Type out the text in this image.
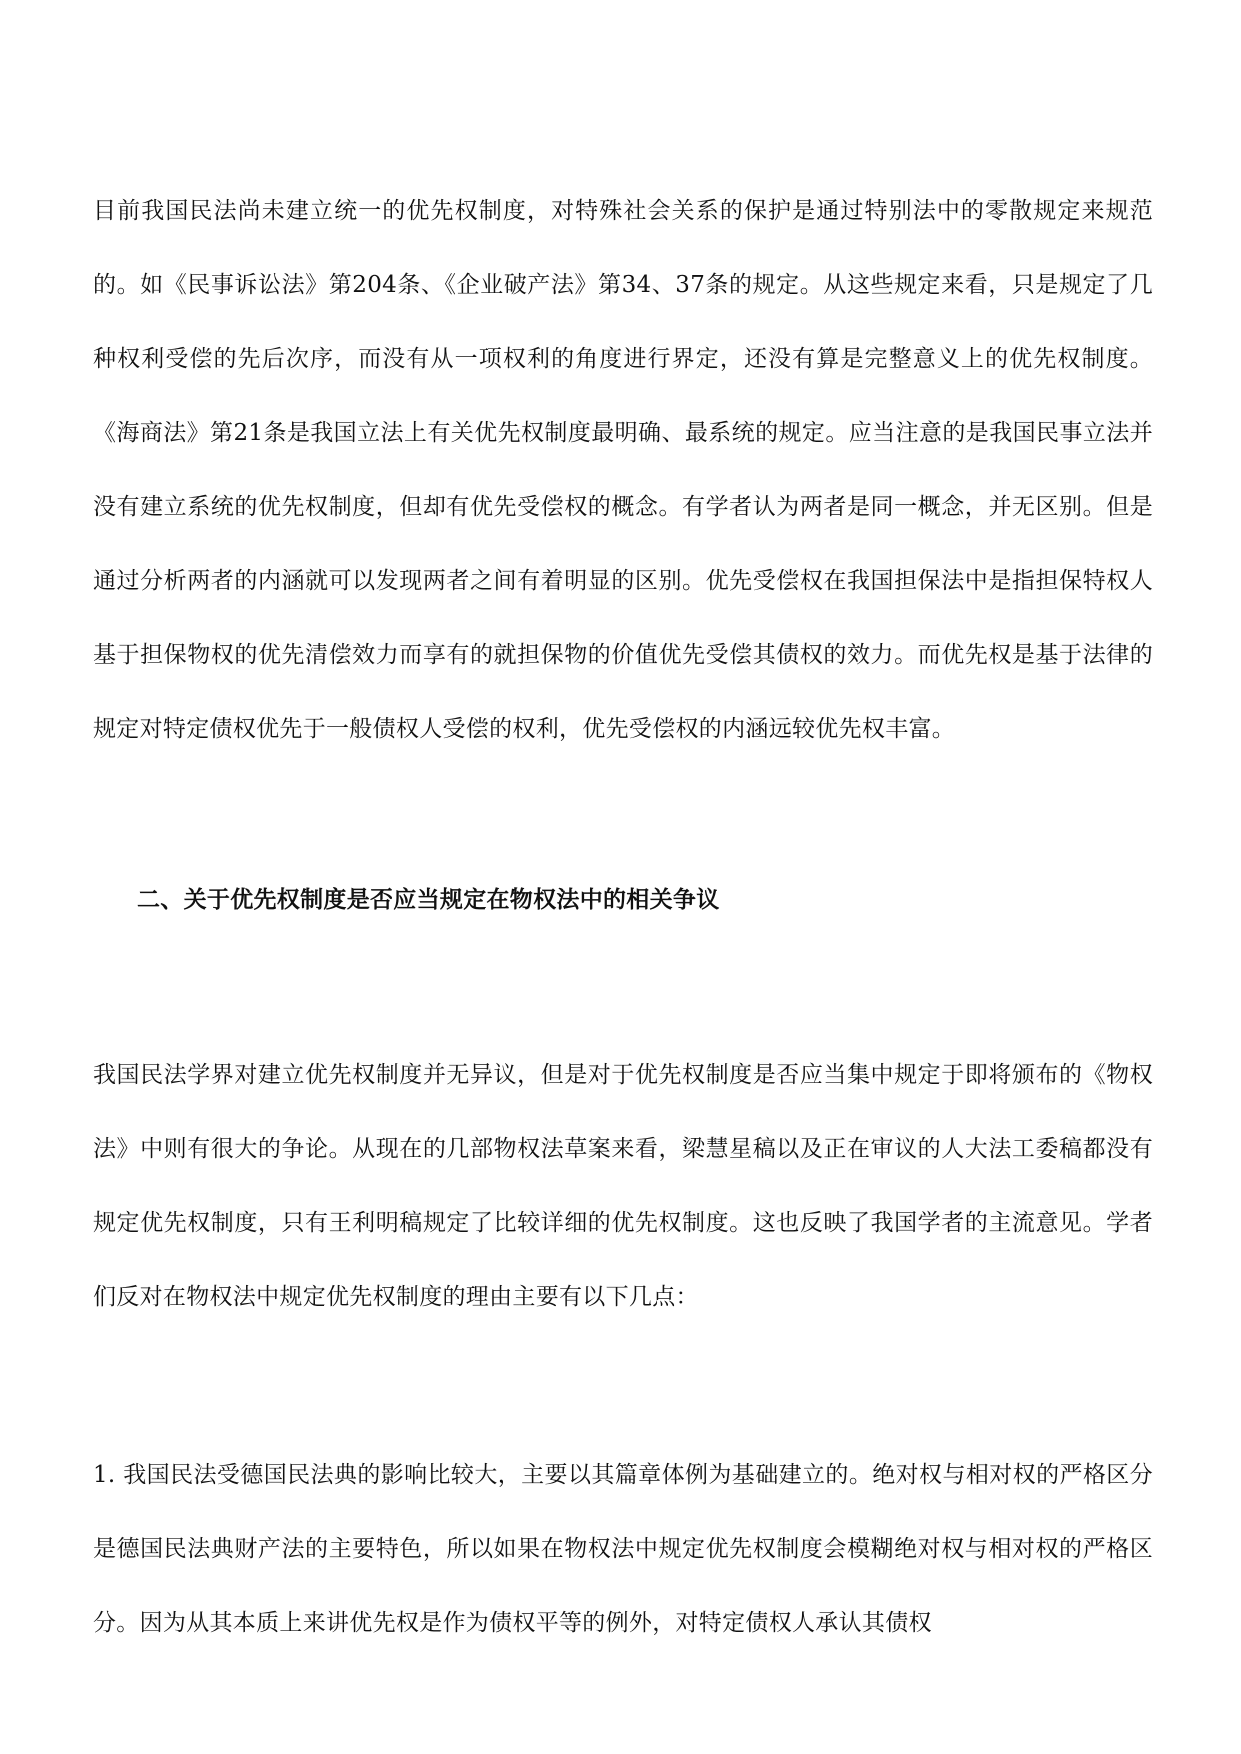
目前我国民法尚未建立统一的优先权制度，对特殊社会关系的保护是通过特别法中的零散规定来规范的。如《民事诉讼法》第204条、《企业破产法》第34、37条的规定。从这些规定来看，只是规定了几种权利受偿的先后次序，而没有从一项权利的角度进行界定，还没有算是完整意义上的优先权制度。《海商法》第21条是我国立法上有关优先权制度最明确、最系统的规定。应当注意的是我国民事立法并没有建立系统的优先权制度，但却有优先受偿权的概念。有学者认为两者是同一概念，并无区别。但是通过分析两者的内涵就可以发现两者之间有着明显的区别。优先受偿权在我国担保法中是指担保特权人基于担保物权的优先清偿效力而享有的就担保物的价值优先受偿其债权的效力。而优先权是基于法律的规定对特定债权优先于一般债权人受偿的权利，优先受偿权的内涵远较优先权丰富。

二、关于优先权制度是否应当规定在物权法中的相关争议

我国民法学界对建立优先权制度并无异议，但是对于优先权制度是否应当集中规定于即将颁布的《物权法》中则有很大的争论。从现在的几部物权法草案来看，梁慧星稿以及正在审议的人大法工委稿都没有规定优先权制度，只有王利明稿规定了比较详细的优先权制度。这也反映了我国学者的主流意见。学者们反对在物权法中规定优先权制度的理由主要有以下几点：

1. 我国民法受德国民法典的影响比较大，主要以其篇章体例为基础建立的。绝对权与相对权的严格区分是德国民法典财产法的主要特色，所以如果在物权法中规定优先权制度会模糊绝对权与相对权的严格区分。因为从其本质上来讲优先权是作为债权平等的例外，对特定债权人承认其债权
